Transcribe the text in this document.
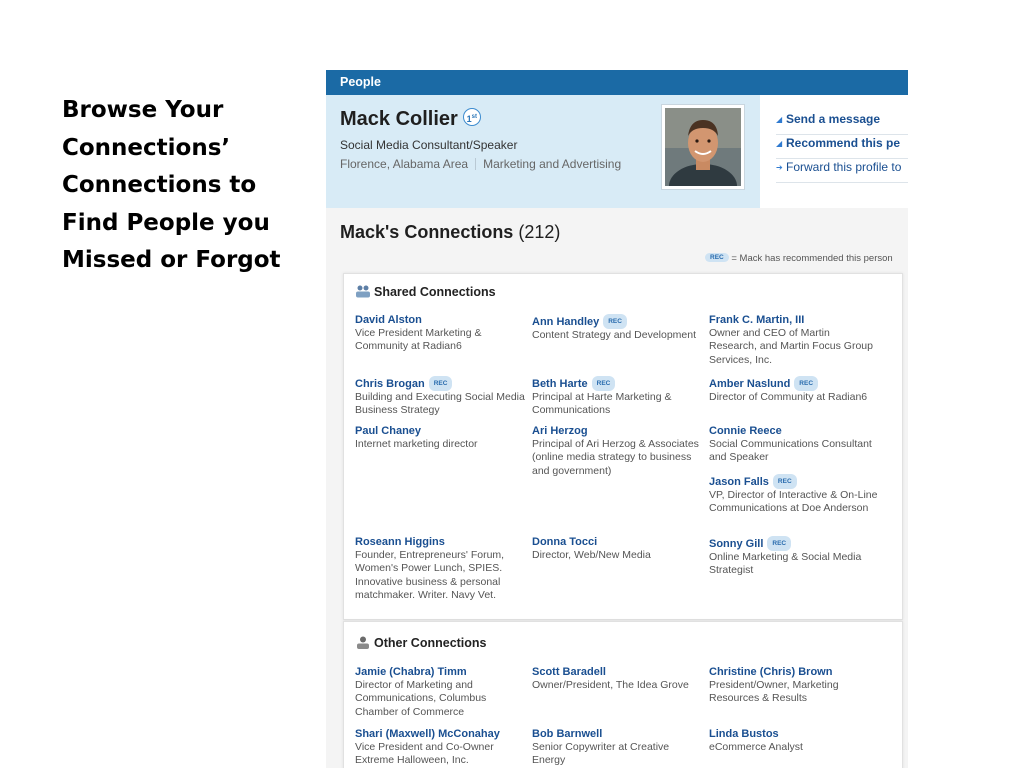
Browse Your
Connections’
Connections to
Find People you
Missed or Forgot
People
Mack Collier 1st
Social Media Consultant/Speaker
Florence, Alabama Area Marketing and Advertising
◢ Send a message
◢ Recommend this pe
➔ Forward this profile to
Mack's Connections (212)
REC = Mack has recommended this person
Shared Connections
David Alston
Vice President Marketing & Community at Radian6
Ann Handley REC
Content Strategy and Development
Frank C. Martin, III
Owner and CEO of Martin Research, and Martin Focus Group Services, Inc.
Chris Brogan REC
Building and Executing Social Media Business Strategy
Beth Harte REC
Principal at Harte Marketing & Communications
Amber Naslund REC
Director of Community at Radian6
Paul Chaney
Internet marketing director
Ari Herzog
Principal of Ari Herzog & Associates (online media strategy to business and government)
Connie Reece
Social Communications Consultant and Speaker
Jason Falls REC
VP, Director of Interactive & On-Line Communications at Doe Anderson
Roseann Higgins
Founder, Entrepreneurs' Forum, Women's Power Lunch, SPIES. Innovative business & personal matchmaker. Writer. Navy Vet.
Donna Tocci
Director, Web/New Media
Sonny Gill REC
Online Marketing & Social Media Strategist
Other Connections
Jamie (Chabra) Timm
Director of Marketing and Communications, Columbus Chamber of Commerce
Scott Baradell
Owner/President, The Idea Grove
Christine (Chris) Brown
President/Owner, Marketing Resources & Results
Shari (Maxwell) McConahay
Vice President and Co-Owner Extreme Halloween, Inc.
Bob Barnwell
Senior Copywriter at Creative Energy
Linda Bustos
eCommerce Analyst
